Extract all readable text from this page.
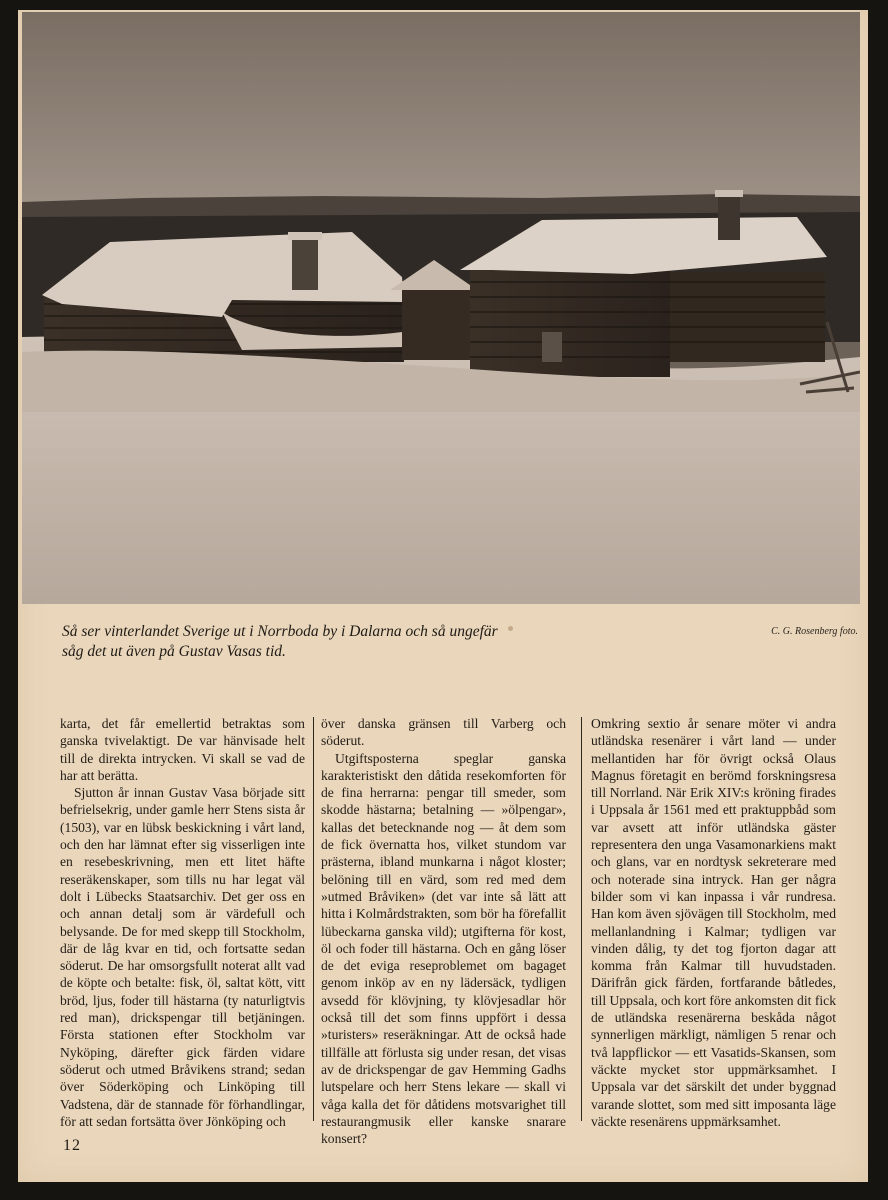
Så ser vinterlandet Sverige ut i Norrboda by i Dalarna och så ungefär såg det ut även på Gustav Vasas tid.

C. G. Rosenberg foto.

karta, det får emellertid betraktas som ganska tvivelaktigt. De var hänvisade helt till de direkta intrycken. Vi skall se vad de har att berätta.

Sjutton år innan Gustav Vasa började sitt befrielsekrig, under gamle herr Stens sista år (1503), var en lübsk beskickning i vårt land, och den har lämnat efter sig visserligen inte en resebeskrivning, men ett litet häfte reseräkenskaper, som tills nu har legat väl dolt i Lübecks Staatsarchiv. Det ger oss en och annan detalj som är värdefull och belysande. De for med skepp till Stockholm, där de låg kvar en tid, och fortsatte sedan söderut. De har omsorgsfullt noterat allt vad de köpte och betalte: fisk, öl, saltat kött, vitt bröd, ljus, foder till hästarna (ty naturligtvis red man), drickspengar till betjäningen. Första stationen efter Stockholm var Nyköping, därefter gick färden vidare söderut och utmed Bråvikens strand; sedan över Söderköping och Linköping till Vadstena, där de stannade för förhandlingar, för att sedan fortsätta över Jönköping och

över danska gränsen till Varberg och söderut.

Utgiftsposterna speglar ganska karakteristiskt den dåtida resekomforten för de fina herrarna: pengar till smeder, som skodde hästarna; betalning — »ölpengar», kallas det betecknande nog — åt dem som de fick övernatta hos, vilket stundom var prästerna, ibland munkarna i något kloster; belöning till en värd, som red med dem »utmed Bråviken» (det var inte så lätt att hitta i Kolmårdstrakten, som bör ha förefallit lübeckarna ganska vild); utgifterna för kost, öl och foder till hästarna. Och en gång löser de det eviga reseproblemet om bagaget genom inköp av en ny lädersäck, tydligen avsedd för klövjning, ty klövjesadlar hör också till det som finns uppfört i dessa »turisters» reseräkningar. Att de också hade tillfälle att förlusta sig under resan, det visas av de drickspengar de gav Hemming Gadhs lutspelare och herr Stens lekare — skall vi våga kalla det för dåtidens motsvarighet till restaurangmusik eller kanske snarare konsert?

Omkring sextio år senare möter vi andra utländska resenärer i vårt land — under mellantiden har för övrigt också Olaus Magnus företagit en berömd forskningsresa till Norrland. När Erik XIV:s kröning firades i Uppsala år 1561 med ett praktuppbåd som var avsett att inför utländska gäster representera den unga Vasamonarkiens makt och glans, var en nordtysk sekreterare med och noterade sina intryck. Han ger några bilder som vi kan inpassa i vår rundresa. Han kom även sjövägen till Stockholm, med mellanlandning i Kalmar; tydligen var vinden dålig, ty det tog fjorton dagar att komma från Kalmar till huvudstaden. Därifrån gick färden, fortfarande båtledes, till Uppsala, och kort före ankomsten dit fick de utländska resenärerna beskåda något synnerligen märkligt, nämligen 5 renar och två lappflickor — ett Vasatids-Skansen, som väckte mycket stor uppmärksamhet. I Uppsala var det särskilt det under byggnad varande slottet, som med sitt imposanta läge väckte resenärens uppmärksamhet.

12
